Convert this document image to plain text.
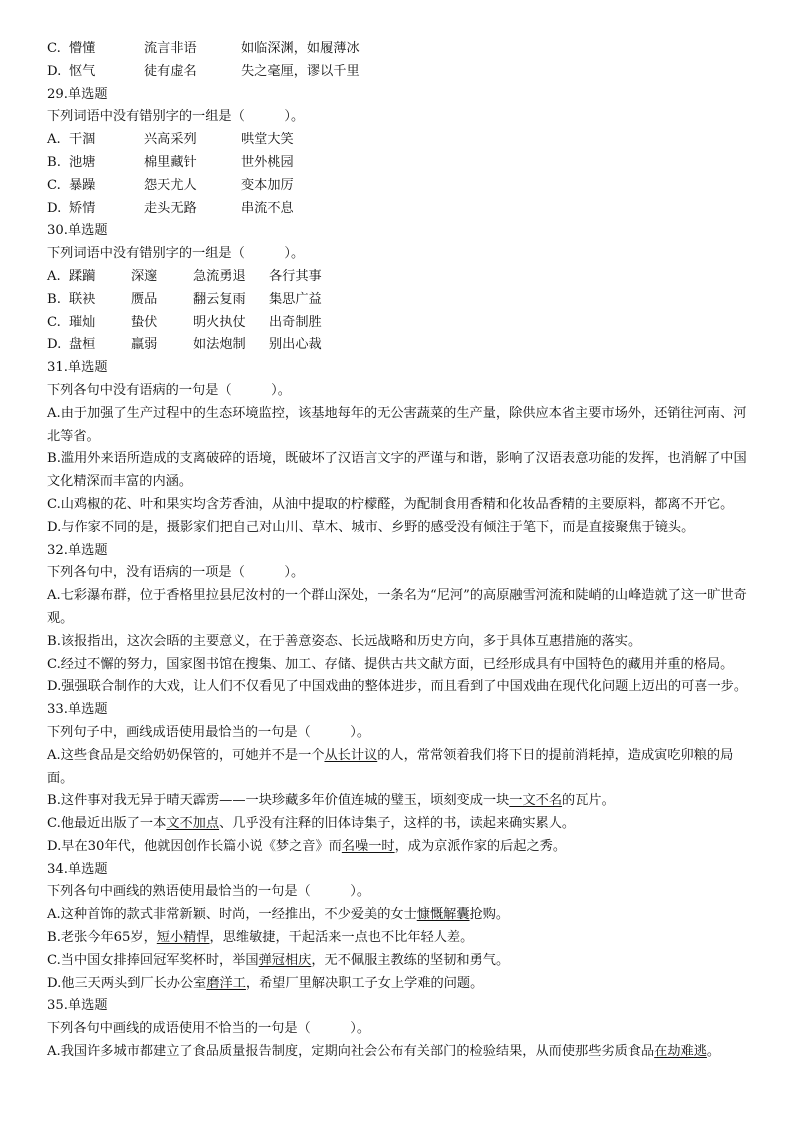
C. 懵懂	流言非语	如临深渊，如履薄冰
D. 怄气	徒有虚名	失之毫厘，谬以千里
29.单选题
下列词语中没有错别字的一组是（　　　）。
A. 干涸	兴高采列	哄堂大笑
B. 池塘	棉里藏针	世外桃园
C. 暴躁	怨天尤人	变本加厉
D. 矫情	走头无路	串流不息
30.单选题
下列词语中没有错别字的一组是（　　　）。
A. 蹂躏	深邃	急流勇退 各行其事
B. 联袂	赝品	翻云复雨 集思广益
C. 璀灿	蛰伏	明火执仗 出奇制胜
D. 盘桓	羸弱	如法炮制 别出心裁
31.单选题
下列各句中没有语病的一句是（　　　）。
A.由于加强了生产过程中的生态环境监控，该基地每年的无公害蔬菜的生产量，除供应本省主要市场外，还销往河南、河北等省。
B.滥用外来语所造成的支离破碎的语境，既破坏了汉语言文字的严谨与和谐，影响了汉语表意功能的发挥，也消解了中国文化精深而丰富的内涵。
C.山鸡椒的花、叶和果实均含芳香油，从油中提取的柠檬醛，为配制食用香精和化妆品香精的主要原料，都离不开它。
D.与作家不同的是，摄影家们把自己对山川、草木、城市、乡野的感受没有倾注于笔下，而是直接聚焦于镜头。
32.单选题
下列各句中，没有语病的一项是（　　　）。
A.七彩瀑布群，位于香格里拉县尼汝村的一个群山深处，一条名为“尼河”的高原融雪河流和陡峭的山峰造就了这一旷世奇观。
B.该报指出，这次会晤的主要意义，在于善意姿态、长远战略和历史方向，多于具体互惠措施的落实。
C.经过不懈的努力，国家图书馆在搜集、加工、存储、提供古共文献方面，已经形成具有中国特色的藏用并重的格局。
D.强强联合制作的大戏，让人们不仅看见了中国戏曲的整体进步，而且看到了中国戏曲在现代化问题上迈出的可喜一步。
33.单选题
下列句子中，画线成语使用最恰当的一句是（　　　）。
A.这些食品是交给奶奶保管的，可她并不是一个从长计议的人，常常领着我们将下日的提前消耗掉，造成寅吃卯粮的局面。
B.这件事对我无异于晴天霹雳——一块珍藏多年价值连城的璧玉，顷刻变成一块一文不名的瓦片。
C.他最近出版了一本文不加点、几乎没有注释的旧体诗集子，这样的书，读起来确实累人。
D.早在30年代，他就因创作长篇小说《梦之音》而名噪一时，成为京派作家的后起之秀。
34.单选题
下列各句中画线的熟语使用最恰当的一句是（　　　）。
A.这种首饰的款式非常新颖、时尚，一经推出，不少爱美的女士慷慨解囊抢购。
B.老张今年65岁，短小精悍，思维敏捷，干起活来一点也不比年轻人差。
C.当中国女排捧回冠军奖杯时，举国弹冠相庆，无不佩服主教练的坚韧和勇气。
D.他三天两头到厂长办公室磨洋工，希望厂里解决职工子女上学难的问题。
35.单选题
下列各句中画线的成语使用不恰当的一句是（　　　）。
A.我国许多城市都建立了食品质量报告制度，定期向社会公布有关部门的检验结果，从而使那些劣质食品在劫难逃。
